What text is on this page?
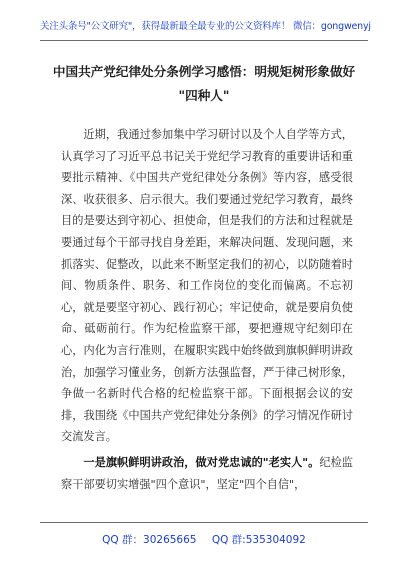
关注头条号"公文研究"，获得最新最全最专业的公文资料库！ 微信：gongwenyj
中国共产党纪律处分条例学习感悟：明规矩树形象做好
"四种人"

近期，我通过参加集中学习研讨以及个人自学等方式，认真学习了习近平总书记关于党纪学习教育的重要讲话和重要批示精神、《中国共产党纪律处分条例》等内容，感受很深、收获很多、启示很大。我们要通过党纪学习教育，最终目的是要达到守初心、担使命，但是我们的方法和过程就是要通过每个干部寻找自身差距，来解决问题、发现问题，来抓落实、促整改，以此来不断坚定我们的初心，以防随着时间、物质条件、职务、和工作岗位的变化而偏离。不忘初心，就是要坚守初心、践行初心；牢记使命，就是要肩负使命、砥砺前行。作为纪检监察干部，要把遵规守纪刻印在心，内化为言行准则，在履职实践中始终做到旗帜鲜明讲政治，加强学习懂业务，创新方法强监督，严于律己树形象，争做一名新时代合格的纪检监察干部。下面根据会议的安排，我围绕《中国共产党纪律处分条例》的学习情况作研讨交流发言。

一是旗帜鲜明讲政治，做对党忠诚的"老实人"。纪检监察干部要切实增强"四个意识"，坚定"四个自信"，

QQ 群：30265665 QQ 群:535304092
